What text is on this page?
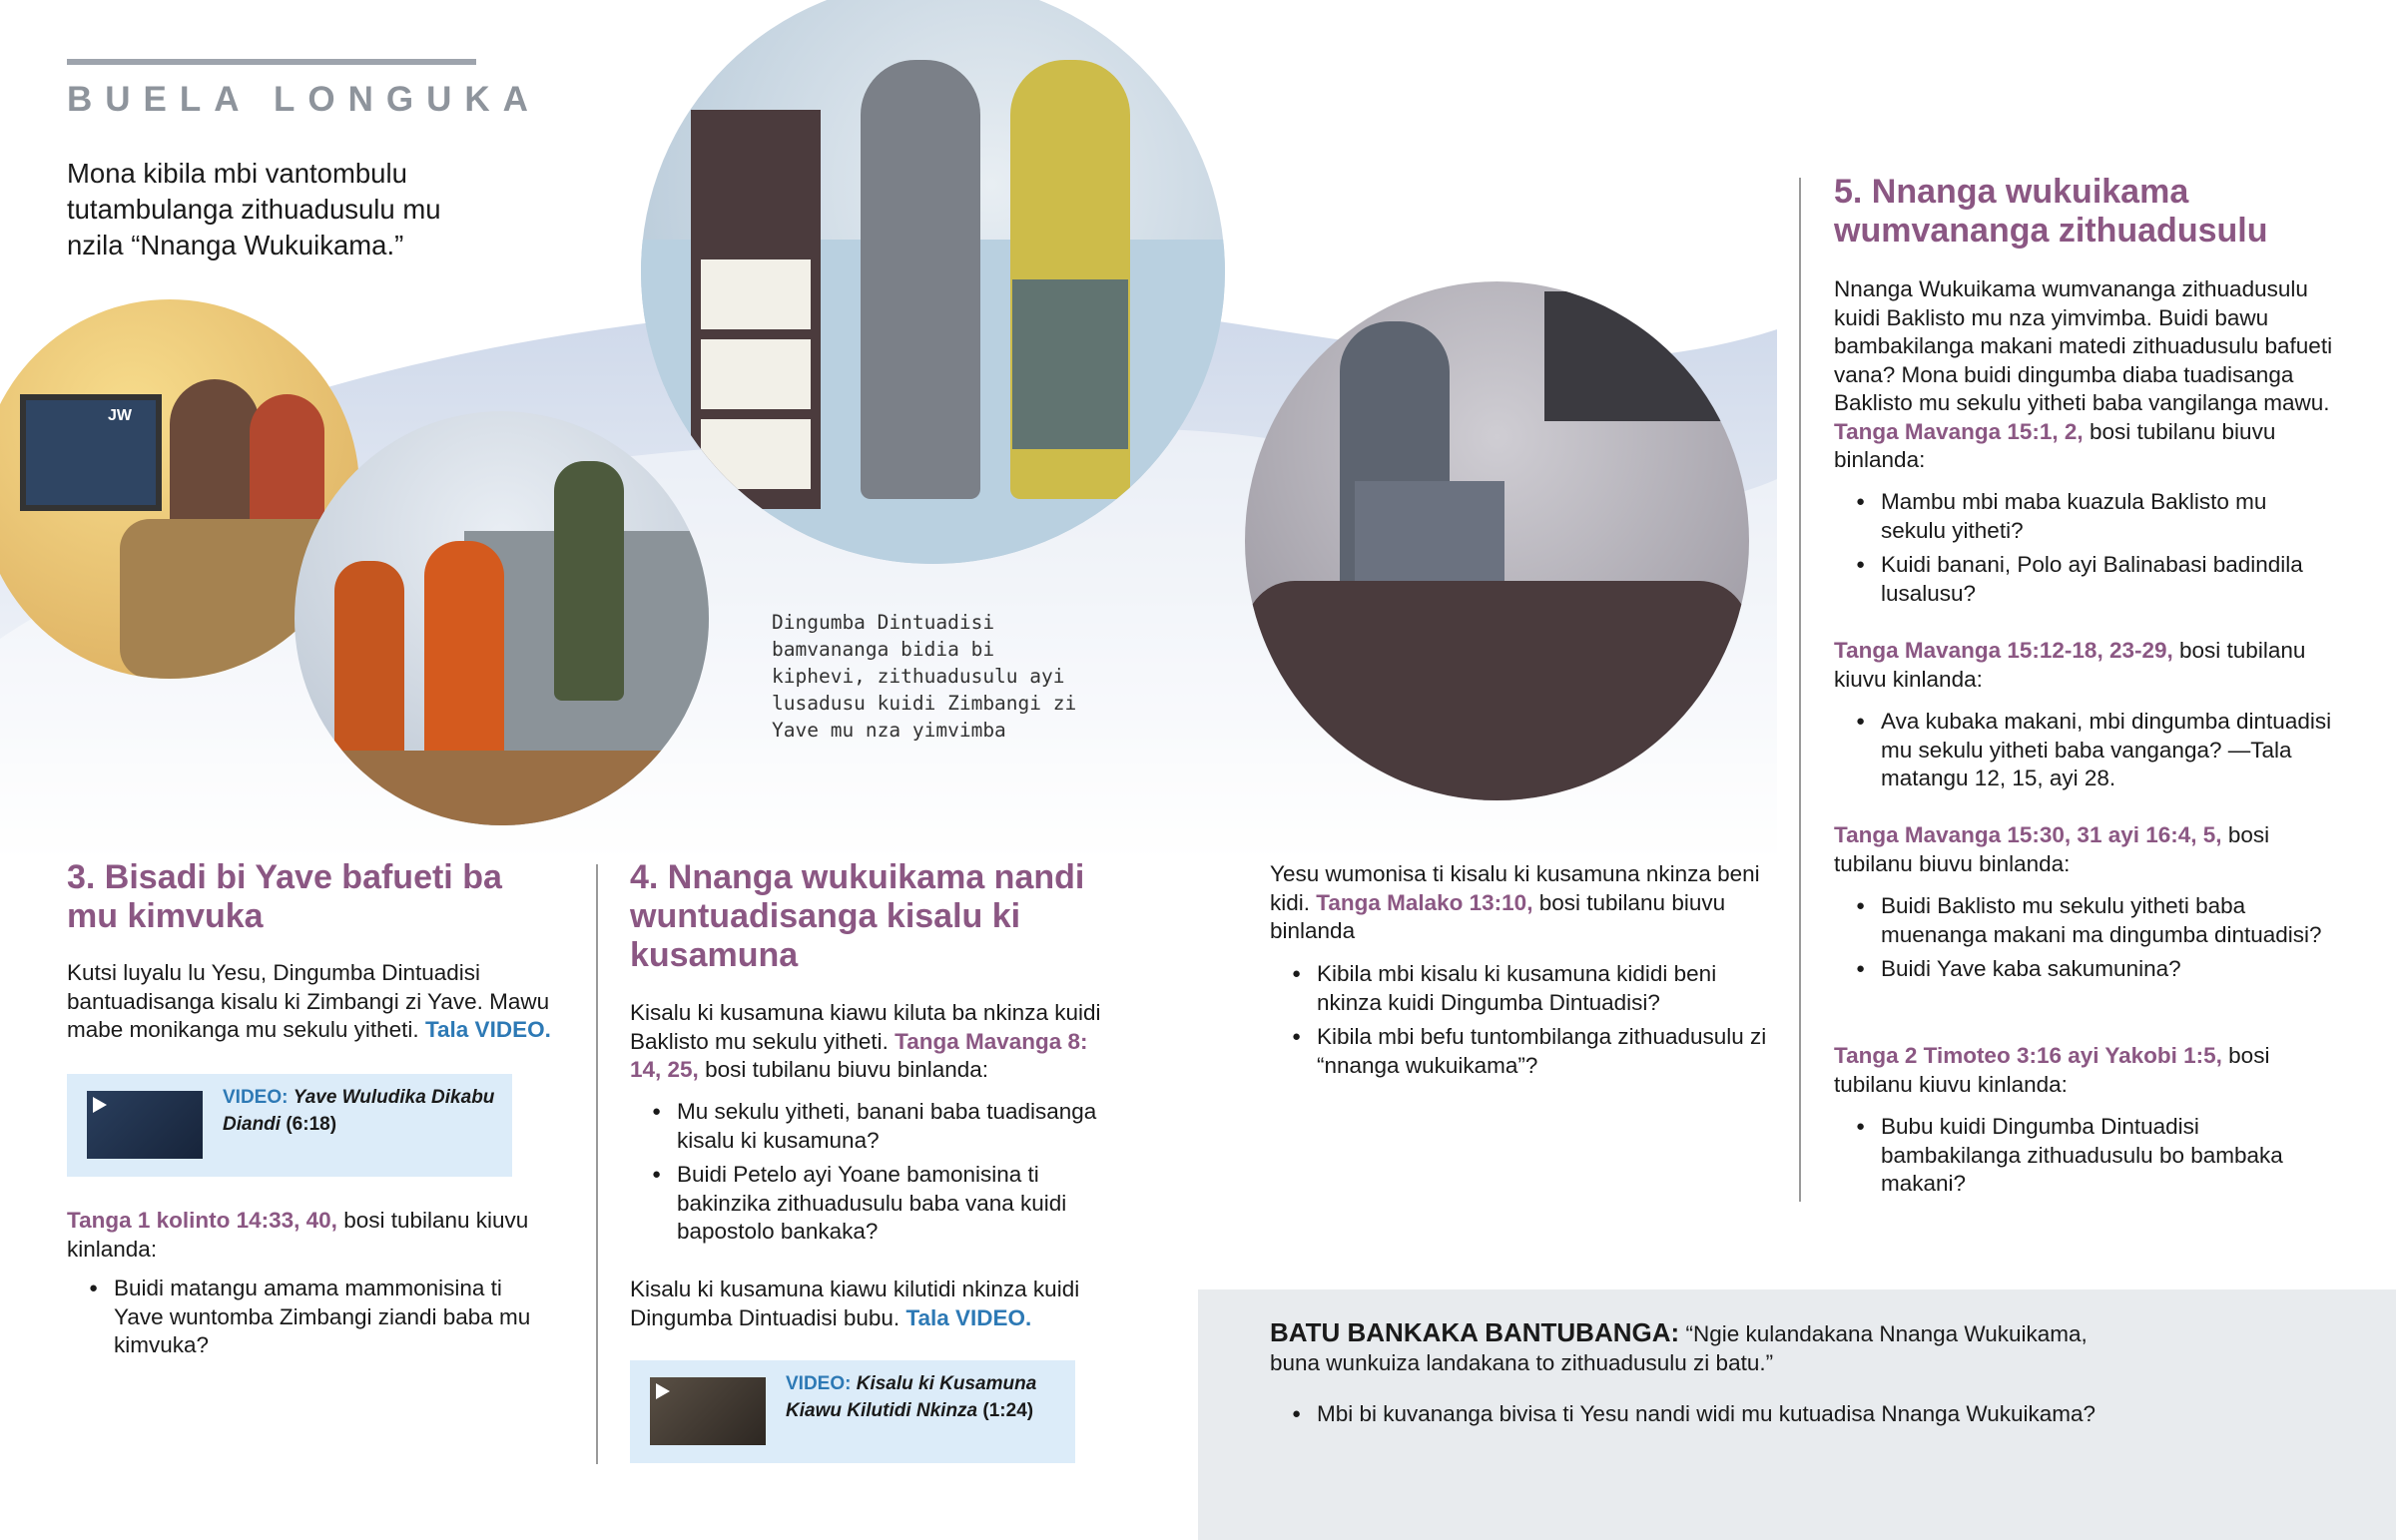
BUELA LONGUKA
Mona kibila mbi vantombulu tutambulanga zithuadusulu mu nzila “Nnanga Wukuikama.”
JW
Dingumba Dintuadisi bamvananga bidia bi kiphevi, zithuadusulu ayi lusadusu kuidi Zimbangi zi Yave mu nza yimvimba
3. Bisadi bi Yave bafueti ba mu kimvuka
Kutsi luyalu lu Yesu, Dingumba Dintuadisi bantuadisanga kisalu ki Zimbangi zi Yave. Mawu mabe monikanga mu sekulu yitheti. Tala VIDEO.
VIDEO: Yave Wuludika Dikabu Diandi (6:18)
Tanga 1 kolinto 14:33, 40, bosi tubilanu kiuvu kinlanda:
● Buidi matangu amama mammonisina ti Yave wuntomba Zimbangi ziandi baba mu kimvuka?
4. Nnanga wukuikama nandi wuntuadisanga kisalu ki kusamuna
Kisalu ki kusamuna kiawu kiluta ba nkinza kuidi Baklisto mu sekulu yitheti. Tanga Mavanga 8: 14, 25, bosi tubilanu biuvu binlanda:
● Mu sekulu yitheti, banani baba tuadisanga kisalu ki kusamuna?
● Buidi Petelo ayi Yoane bamonisina ti bakinzika zithuadusulu baba vana kuidi bapostolo bankaka?
Kisalu ki kusamuna kiawu kilutidi nkinza kuidi Dingumba Dintuadisi bubu. Tala VIDEO.
VIDEO: Kisalu ki Kusamuna Kiawu Kilutidi Nkinza (1:24)
Yesu wumonisa ti kisalu ki kusamuna nkinza beni kidi. Tanga Malako 13:10, bosi tubilanu biuvu binlanda
● Kibila mbi kisalu ki kusamuna kididi beni nkinza kuidi Dingumba Dintuadisi?
● Kibila mbi befu tuntombilanga zithuadusulu zi “nnanga wukuikama”?
5. Nnanga wukuikama wumvananga zithuadusulu
Nnanga Wukuikama wumvananga zithuadusulu kuidi Baklisto mu nza yimvimba. Buidi bawu bambakilanga makani matedi zithuadusulu bafueti vana? Mona buidi dingumba diaba tuadisanga Baklisto mu sekulu yitheti baba vangilanga mawu. Tanga Mavanga 15:1, 2, bosi tubilanu biuvu binlanda:
● Mambu mbi maba kuazula Baklisto mu sekulu yitheti?
● Kuidi banani, Polo ayi Balinabasi badindila lusalusu?
Tanga Mavanga 15:12-18, 23-29, bosi tubilanu kiuvu kinlanda:
● Ava kubaka makani, mbi dingumba dintuadisi mu sekulu yitheti baba vanganga? —Tala matangu 12, 15, ayi 28.
Tanga Mavanga 15:30, 31 ayi 16:4, 5, bosi tubilanu biuvu binlanda:
● Buidi Baklisto mu sekulu yitheti baba muenanga makani ma dingumba dintuadisi?
● Buidi Yave kaba sakumunina?
Tanga 2 Timoteo 3:16 ayi Yakobi 1:5, bosi tubilanu kiuvu kinlanda:
● Bubu kuidi Dingumba Dintuadisi bambakilanga zithuadusulu bo bambaka makani?
BATU BANKAKA BANTUBANGA: “Ngie kulandakana Nnanga Wukuikama, buna wunkuiza landakana to zithuadusulu zi batu.”
● Mbi bi kuvananga bivisa ti Yesu nandi widi mu kutuadisa Nnanga Wukuikama?
